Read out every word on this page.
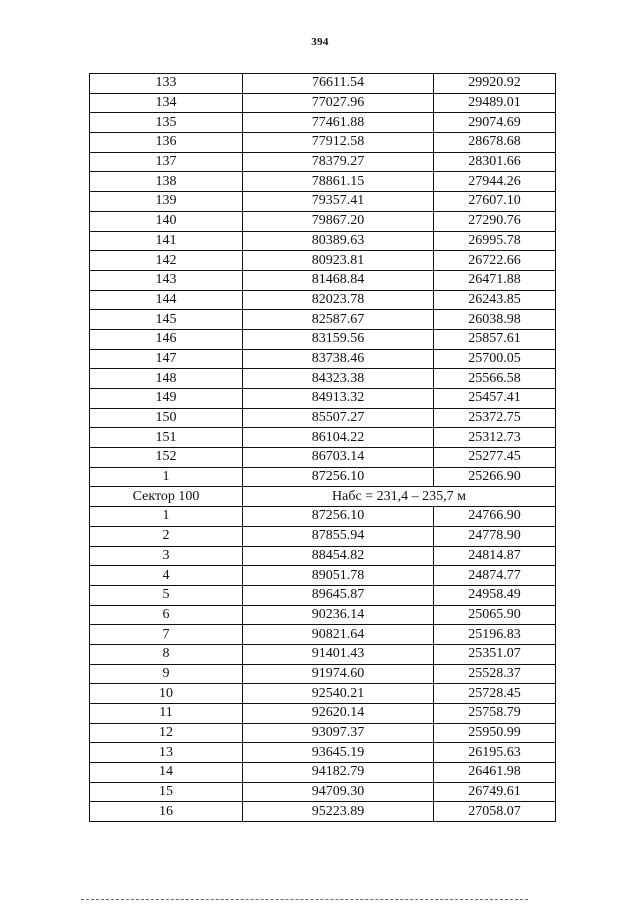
394
133	76611.54	29920.92
134	77027.96	29489.01
135	77461.88	29074.69
136	77912.58	28678.68
137	78379.27	28301.66
138	78861.15	27944.26
139	79357.41	27607.10
140	79867.20	27290.76
141	80389.63	26995.78
142	80923.81	26722.66
143	81468.84	26471.88
144	82023.78	26243.85
145	82587.67	26038.98
146	83159.56	25857.61
147	83738.46	25700.05
148	84323.38	25566.58
149	84913.32	25457.41
150	85507.27	25372.75
151	86104.22	25312.73
152	86703.14	25277.45
1	87256.10	25266.90
Сектор 100	Набс = 231,4 – 235,7 м	
1	87256.10	24766.90
2	87855.94	24778.90
3	88454.82	24814.87
4	89051.78	24874.77
5	89645.87	24958.49
6	90236.14	25065.90
7	90821.64	25196.83
8	91401.43	25351.07
9	91974.60	25528.37
10	92540.21	25728.45
11	92620.14	25758.79
12	93097.37	25950.99
13	93645.19	26195.63
14	94182.79	26461.98
15	94709.30	26749.61
16	95223.89	27058.07
